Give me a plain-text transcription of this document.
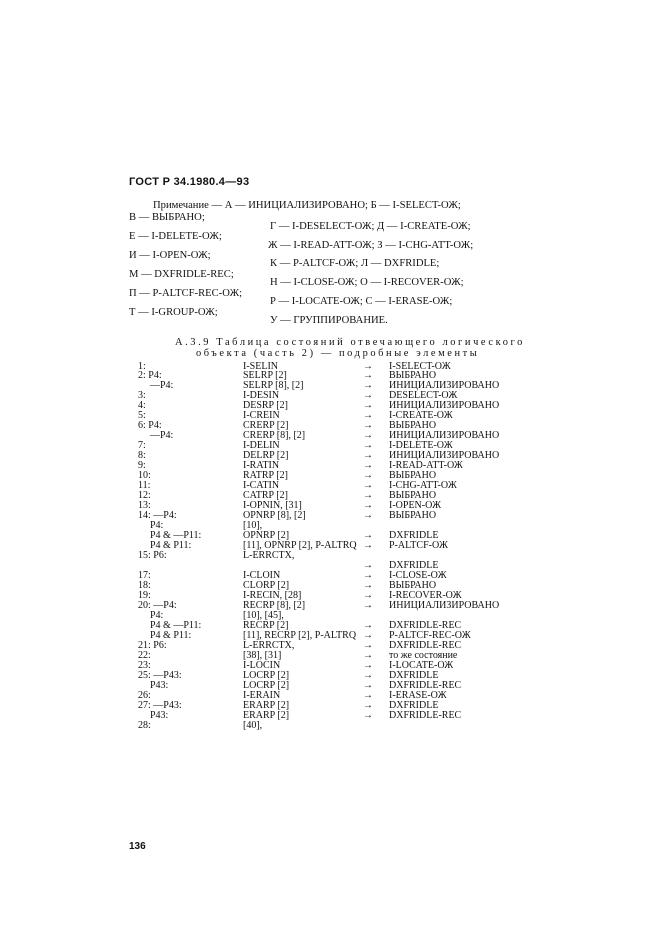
ГОСТ Р 34.1980.4—93
Примечание — А — ИНИЦИАЛИЗИРОВАНО; Б — I-SELECT-ОЖ;
В — ВЫБРАНО;
Г — I-DESELECT-ОЖ; Д — I-CREATE-ОЖ;
Е — I-DELETE-ОЖ;
Ж — I-READ-ATT-ОЖ; З — I-CHG-ATT-ОЖ;
И — I-OPEN-ОЖ;
К — P-ALTCF-ОЖ; Л — DXFRIDLE;
М — DXFRIDLE-REC;
Н — I-CLOSE-ОЖ; О — I-RECOVER-ОЖ;
П — P-ALTCF-REC-ОЖ;
Р — I-LOCATE-ОЖ; С — I-ERASE-ОЖ;
Т — I-GROUP-ОЖ;
У — ГРУППИРОВАНИЕ.
А.3.9 Таблица состояний отвечающего логического
объекта (часть 2) — подробные элементы
1:	I-SELIN	→ I-SELECT-ОЖ
2: P4:	SELRP [2]	→ ВЫБРАНО
—P4:	SELRP [8], [2]	→ ИНИЦИАЛИЗИРОВАНО
3:	I-DESIN	→ DESELECT-ОЖ
4:	DESRP [2]	→ ИНИЦИАЛИЗИРОВАНО
5:	I-CREIN	→ I-CREATE-ОЖ
6: P4:	CRERP [2]	→ ВЫБРАНО
—P4:	CRERP [8], [2]	→ ИНИЦИАЛИЗИРОВАНО
7:	I-DELIN	→ I-DELETE-ОЖ
8:	DELRP [2]	→ ИНИЦИАЛИЗИРОВАНО
9:	I-RATIN	→ I-READ-ATT-ОЖ
10:	RATRP [2]	→ ВЫБРАНО
11:	I-CATIN	→ I-CHG-ATT-ОЖ
12:	CATRP [2]	→ ВЫБРАНО
13:	I-OPNIN, [31]	→ I-OPEN-ОЖ
14: —P4:	OPNRP [8], [2]	→ ВЫБРАНО
P4:	[10],
P4 & —P11:	OPNRP [2]	→ DXFRIDLE
P4 & P11:	[11], OPNRP [2], P-ALTRQ → P-ALTCF-ОЖ
15: P6:	L-ERRCTX,
→ DXFRIDLE
17:	I-CLOIN	→ I-CLOSE-ОЖ
18:	CLORP [2]	→ ВЫБРАНО
19:	I-RECIN, [28]	→ I-RECOVER-ОЖ
20: —P4:	RECRP [8], [2]	→ ИНИЦИАЛИЗИРОВАНО
P4:	[10], [45],
P4 & —P11:	RECRP [2]	→ DXFRIDLE-REC
P4 & P11:	[11], RECRP [2], P-ALTRQ → P-ALTCF-REC-ОЖ
21: P6:	L-ERRCTX,	→ DXFRIDLE-REC
22:	[38], [31]	→ то же состояние
23:	I-LOCIN	→ I-LOCATE-ОЖ
25: —P43:	LOCRP [2]	→ DXFRIDLE
P43:	LOCRP [2]	→ DXFRIDLE-REC
26:	I-ERAIN	→ I-ERASE-ОЖ
27: —P43:	ERARP [2]	→ DXFRIDLE
P43:	ERARP [2]	→ DXFRIDLE-REC
28:	[40],
136
